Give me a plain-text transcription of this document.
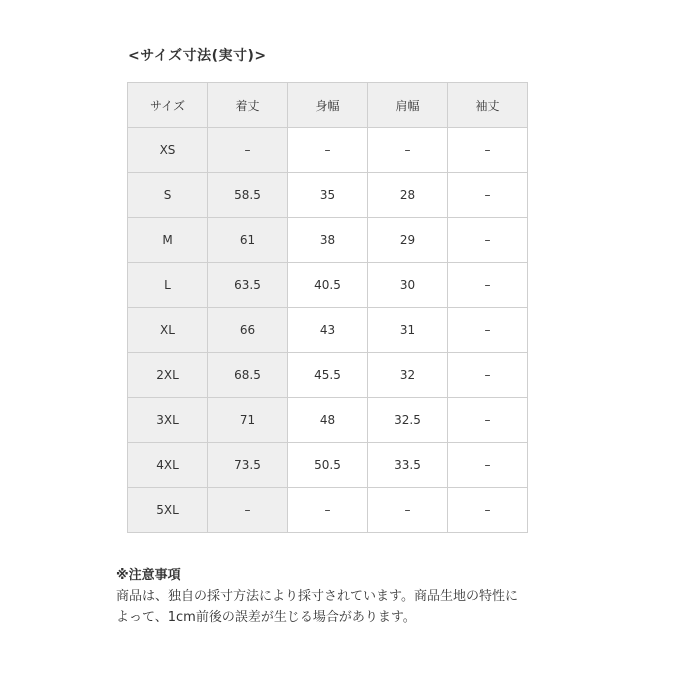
<サイズ寸法(実寸)>
サイズ	着丈	身幅	肩幅	袖丈
XS	–	–	–	–
S	58.5	35	28	–
M	61	38	29	–
L	63.5	40.5	30	–
XL	66	43	31	–
2XL	68.5	45.5	32	–
3XL	71	48	32.5	–
4XL	73.5	50.5	33.5	–
5XL	–	–	–	–
※注意事項
商品は、独自の採寸方法により採寸されています。商品生地の特性に
よって、1cm前後の誤差が生じる場合があります。
